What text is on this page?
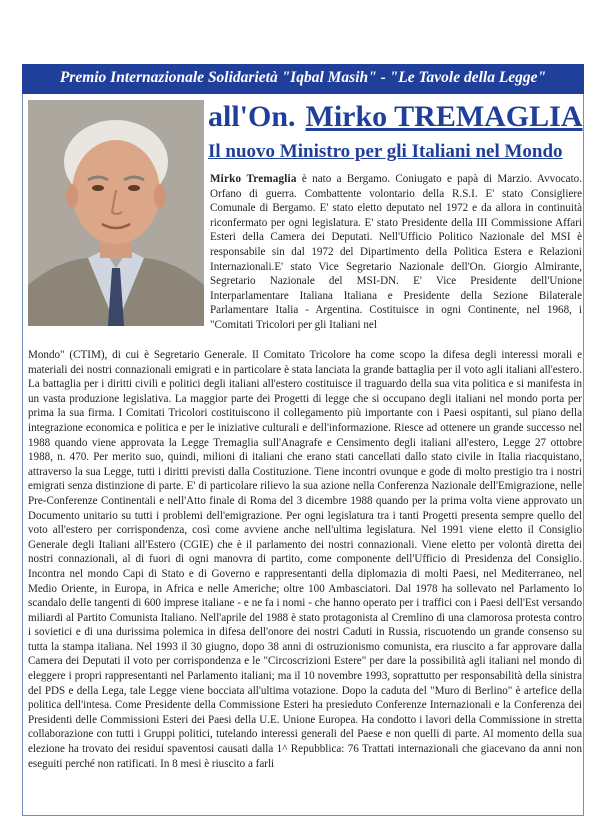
Premio Internazionale Solidarietà "Iqbal Masih" - "Le Tavole della Legge"
all'On. Mirko TREMAGLIA
Il nuovo Ministro per gli Italiani nel Mondo

Mirko Tremaglia è nato a Bergamo. Coniugato e papà di Marzio. Avvocato. Orfano di guerra. Combattente volontario della R.S.I. E' stato Consigliere Comunale di Bergamo. E' stato eletto deputato nel 1972 e da allora in continuità riconfermato per ogni legislatura. E' stato Presidente della III Commissione Affari Esteri della Camera dei Deputati. Nell'Ufficio Politico Nazionale del MSI è responsabile sin dal 1972 del Dipartimento della Politica Estera e Relazioni Internazionali.E' stato Vice Segretario Nazionale dell'On. Giorgio Almirante, Segretario Nazionale del MSI-DN. E' Vice Presidente dell'Unione Interparlamentare Italiana Italiana e Presidente della Sezione Bilaterale Parlamentare Italia - Argentina. Costituisce in ogni Continente, nel 1968, i "Comitati Tricolori per gli Italiani nel

Mondo" (CTIM), di cui è Segretario Generale. Il Comitato Tricolore ha come scopo la difesa degli interessi morali e materiali dei nostri connazionali emigrati e in particolare è stata lanciata la grande battaglia per il voto agli italiani all'estero. La battaglia per i diritti civili e politici degli italiani all'estero costituisce il traguardo della sua vita politica e si manifesta in un vasta produzione legislativa. La maggior parte dei Progetti di legge che si occupano degli italiani nel mondo porta per prima la sua firma. I Comitati Tricolori costituiscono il collegamento più importante con i Paesi ospitanti, sul piano della integrazione economica e politica e per le iniziative culturali e dell'informazione. Riesce ad ottenere un grande successo nel 1988 quando viene approvata la Legge Tremaglia sull'Anagrafe e Censimento degli italiani all'estero, Legge 27 ottobre 1988, n. 470. Per merito suo, quindi, milioni di italiani che erano stati cancellati dallo stato civile in Italia riacquistano, attraverso la sua Legge, tutti i diritti previsti dalla Costituzione. Tiene incontri ovunque e gode di molto prestigio tra i nostri emigrati senza distinzione di parte. E' di particolare rilievo la sua azione nella Conferenza Nazionale dell'Emigrazione, nelle Pre-Conferenze Continentali e nell'Atto finale di Roma del 3 dicembre 1988 quando per la prima volta viene approvato un Documento unitario su tutti i problemi dell'emigrazione. Per ogni legislatura tra i tanti Progetti presenta sempre quello del voto all'estero per corrispondenza, così come avviene anche nell'ultima legislatura. Nel 1991 viene eletto il Consiglio Generale degli Italiani all'Estero (CGIE) che è il parlamento dei nostri connazionali. Viene eletto per volontà diretta dei nostri connazionali, al di fuori di ogni manovra di partito, come componente dell'Ufficio di Presidenza del Consiglio. Incontra nel mondo Capi di Stato e di Governo e rappresentanti della diplomazia di molti Paesi, nel Mediterraneo, nel Medio Oriente, in Europa, in Africa e nelle Americhe; oltre 100 Ambasciatori. Dal 1978 ha sollevato nel Parlamento lo scandalo delle tangenti di 600 imprese italiane - e ne fa i nomi - che hanno operato per i traffici con i Paesi dell'Est versando miliardi al Partito Comunista Italiano. Nell'aprile del 1988 è stato protagonista al Cremlino di una clamorosa protesta contro i sovietici e di una durissima polemica in difesa dell'onore dei nostri Caduti in Russia, riscuotendo un grande consenso su tutta la stampa italiana. Nel 1993 il 30 giugno, dopo 38 anni di ostruzionismo comunista, era riuscito a far approvare dalla Camera dei Deputati il voto per corrispondenza e le "Circoscrizioni Estere" per dare la possibilità agli italiani nel mondo di eleggere i propri rappresentanti nel Parlamento italiani; ma il 10 novembre 1993, soprattutto per responsabilità della sinistra del PDS e della Lega, tale Legge viene bocciata all'ultima votazione. Dopo la caduta del "Muro di Berlino" è artefice della politica dell'intesa. Come Presidente della Commissione Esteri ha presieduto Conferenze Internazionali e la Conferenza dei Presidenti delle Commissioni Esteri dei Paesi della U.E. Unione Europea. Ha condotto i lavori della Commissione in stretta collaborazione con tutti i Gruppi politici, tutelando interessi generali del Paese e non quelli di parte. Al momento della sua elezione ha trovato dei residui spaventosi causati dalla 1^ Repubblica: 76 Trattati internazionali che giacevano da anni non eseguiti perché non ratificati. In 8 mesi è riuscito a farli
